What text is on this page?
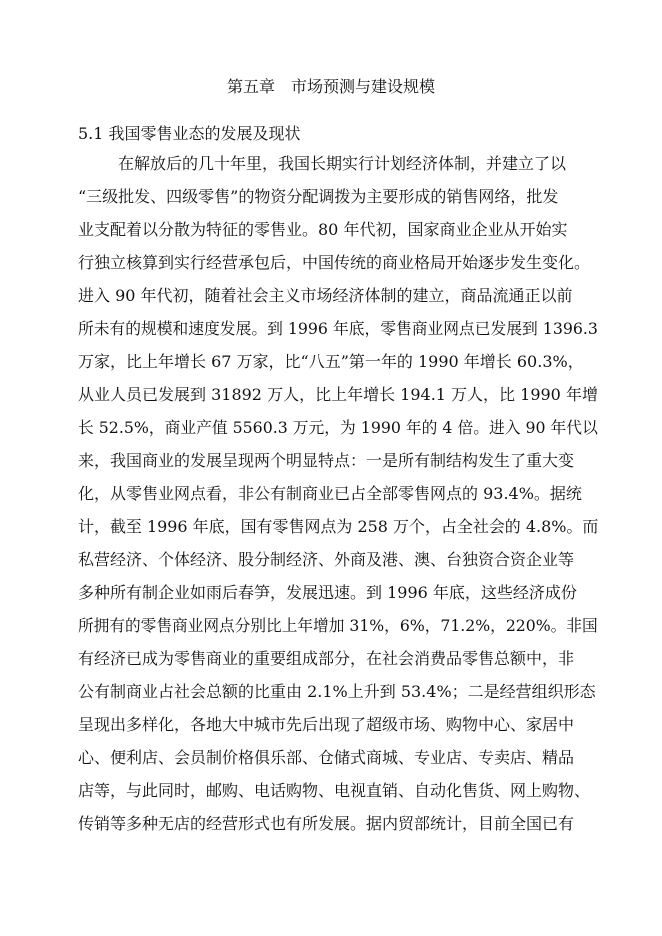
第五章　市场预测与建设规模
5.1 我国零售业态的发展及现状
在解放后的几十年里，我国长期实行计划经济体制，并建立了以
“三级批发、四级零售”的物资分配调拨为主要形成的销售网络，批发
业支配着以分散为特征的零售业。80 年代初，国家商业企业从开始实
行独立核算到实行经营承包后，中国传统的商业格局开始逐步发生变化。
进入 90 年代初，随着社会主义市场经济体制的建立，商品流通正以前
所未有的规模和速度发展。到 1996 年底，零售商业网点已发展到 1396.3
万家，比上年增长 67 万家，比“八五”第一年的 1990 年增长 60.3%，
从业人员已发展到 31892 万人，比上年增长 194.1 万人，比 1990 年增
长 52.5%，商业产值 5560.3 万元，为 1990 年的 4 倍。进入 90 年代以
来，我国商业的发展呈现两个明显特点：一是所有制结构发生了重大变
化，从零售业网点看，非公有制商业已占全部零售网点的 93.4%。据统
计，截至 1996 年底，国有零售网点为 258 万个，占全社会的 4.8%。而
私营经济、个体经济、股分制经济、外商及港、澳、台独资合资企业等
多种所有制企业如雨后春笋，发展迅速。到 1996 年底，这些经济成份
所拥有的零售商业网点分别比上年增加 31%，6%，71.2%，220%。非国
有经济已成为零售商业的重要组成部分，在社会消费品零售总额中，非
公有制商业占社会总额的比重由 2.1%上升到 53.4%；二是经营组织形态
呈现出多样化，各地大中城市先后出现了超级市场、购物中心、家居中
心、便利店、会员制价格俱乐部、仓储式商城、专业店、专卖店、精品
店等，与此同时，邮购、电话购物、电视直销、自动化售货、网上购物、
传销等多种无店的经营形式也有所发展。据内贸部统计，目前全国已有
